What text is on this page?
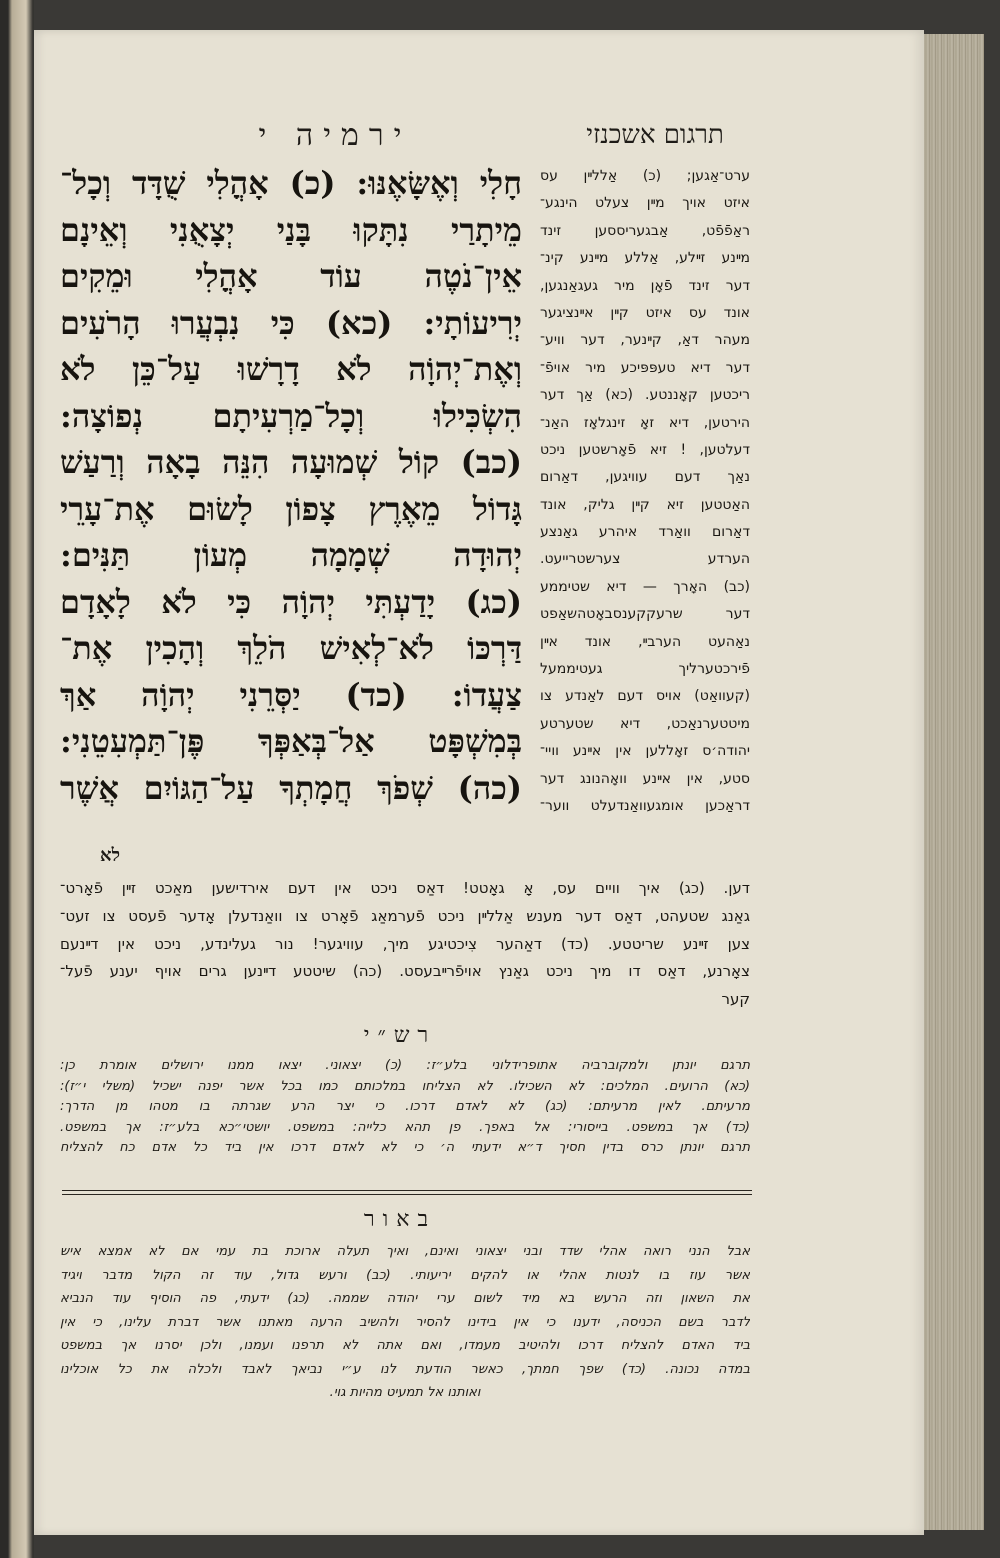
ירמיה י	תרגום אשכנזי
חָלִי וְאֶשָּׂאֶנּוּ: (כ) אָהֳלִי שֻׁדָּד וְכָל־
מֵיתָרַי נִתָּקוּ בָּנַי יְצָאֻנִי וְאֵינָם
אֵין־נֹטֶה עוֹד אָהֳלִי וּמֵקִים
יְרִיעוֹתָי: (כא) כִּי נִבְעֲרוּ הָרֹעִים
וְאֶת־יְהוָֹה לֹא דָרָשׁוּ עַל־כֵּן לֹא
הִשְׂכִּילוּ וְכָל־מַרְעִיתָם נְפוֹצָה:
(כב) קוֹל שְׁמוּעָה הִנֵּה בָאָה וְרַעַשׁ
גָּדוֹל מֵאֶרֶץ צָפוֹן לָשׂוּם אֶת־עָרֵי
יְהוּדָה שְׁמָמָה מְעוֹן תַּנִּים:
(כג) יָדַעְתִּי יְהוָֹה כִּי לֹא לָאָדָם
דַּרְכּוֹ לֹא־לְאִישׁ הֹלֵךְ וְהָכִין אֶת־
צַעֲדוֹ: (כד) יַסְּרֵנִי יְהוָֹה אַךְ
בְּמִשְׁפָּט אַל־בְּאַפְּךָ פֶּן־תַּמְעִטֵנִי:
(כה) שְׁפֹךְ חֲמָתְךָ עַל־הַגּוֹיִם אֲשֶׁר
ערט־אַגען; (כ) אַללײן עס
איזט אויך מײן צעלט הינגע־
ראַפֿפֿט, אַבגעריססען זינד
מײנע זײלע, אַללע מײנע קינ־
דער זינד פֿאָן מיר געגאַנגען,
אונד עס איזט קײן אײנציגער
מעהר דאַ, קײנער, דער וויע־
דער דיא טעפּפּיכע מיר אויפֿ־
ריכטען קאָננטע. (כא) אַך דער
הירטען, דיא זאָ זינגלאָז האַנ־
דעלטען, ! זיא פֿאָרשטען ניכט
נאַך דעם עוויגען, דאַרום
האַטטען זיא קײן גליק, אונד
דאַרום וואַרד איהרע גאַנצע
הערדע צערשטרייעט.
(כב) האָרך — דיא שטיממע
דער שרעקקענסבאָטהשאַפט
נאַהעט הערבײ, אונד אײן
פֿירכטערליך געטיממעל
(קעוואַט) אויס דעם לאַנדע צו
מיטטערנאַכט, דיא שטערטע
יהודה׳ס זאָללען אין אײנע וויי־
סטע, אין אײנע וואָהנונג דער
דראַכען אומגעוואַנדעלט ווער־
לא
דען. (כג) איך וויים עס, אָ גאָטט! דאַס ניכט אין דעם אירדישען מאַכט זײן פֿאָרט־
גאַנג שטעהט, דאַס דער מענש אַללײן ניכט פֿערמאַג פֿאָרט צו וואַנדעלן אָדער פֿעסט צו זעט־
צען זײנע שריטטע. (כד) דאַהער צִיכטיגע מיך, עוויגער! נור געלינדע, ניכט אין דײנעם
צאָרנע, דאַס דו מיך ניכט גאַנץ אויפֿרײבעסט. (כה) שיטטע דײנען גרים אויף יענע פֿעל־
קער
רש״י
תרגם יונתן ולמקוברביה אתופרידלוני בלע״ז: (כ) יצאוני. יצאו ממנו ירושלים אומרת כן:
(כא) הרועים. המלכים: לא השכילו. לא הצליחו במלכותם כמו בכל אשר יפנה ישכיל (משלי י״ז):
מרעיתם. לאין מרעיתם: (כג) לא לאדם דרכו. כי יצר הרע שגרתה בו מטהו מן הדרך:
(כד) אך במשפט. בייסורי: אל באפך. פן תהא כלייה: במשפט. יושטי״כא בלע״ז: אך במשפט.
תרגם יונתן כרס בדין חסיך ד״א ידעתי ה׳ כי לא לאדם דרכו אין ביד כל אדם כח להצליח
באור
אבל הנני רואה אהלי שדד ובני יצאוני ואינם, ואיך תעלה ארוכת בת עמי אם לא אמצא איש
אשר עוז בו לנטות אהלי או להקים יריעותי. (כב) ורעש גדול, עוד זה הקול מדבר ויגיד
את השאון וזה הרעש בא מיד לשום ערי יהודה שממה. (כג) ידעתי, פה הוסיף עוד הנביא
לדבר בשם הכניסה, ידענו כי אין בידינו להסיר ולהשיב הרעה מאתנו אשר דברת עלינו, כי אין
ביד האדם להצליח דרכו ולהיטיב מעמדו, ואם אתה לא תרפנו ועמנו, ולכן יסרנו אך במשפט
במדה נכונה. (כד) שפך חמתך, כאשר הודעת לנו ע״י נביאך לאבד ולכלה את כל אוכלינו
ואותנו אל תמעיט מהיות גוי.
